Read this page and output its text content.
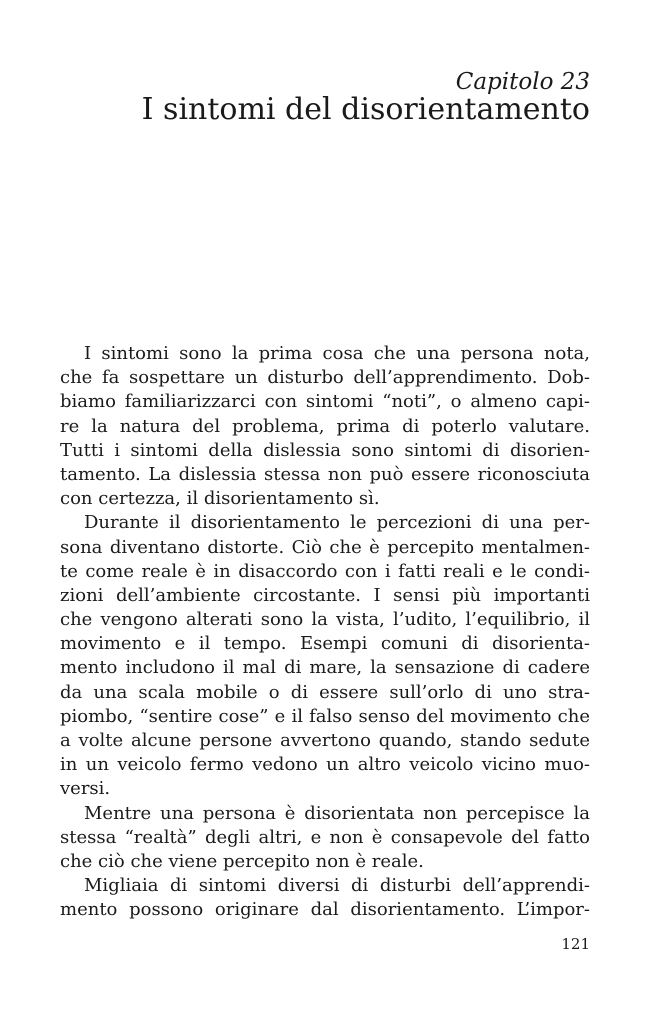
Capitolo 23
I sintomi del disorientamento
I sintomi sono la prima cosa che una persona nota,
che fa sospettare un disturbo dell’apprendimento. Dob-
biamo familiarizzarci con sintomi “noti”, o almeno capi-
re la natura del problema, prima di poterlo valutare.
Tutti i sintomi della dislessia sono sintomi di disorien-
tamento. La dislessia stessa non può essere riconosciuta
con certezza, il disorientamento sì.
Durante il disorientamento le percezioni di una per-
sona diventano distorte. Ciò che è percepito mentalmen-
te come reale è in disaccordo con i fatti reali e le condi-
zioni dell’ambiente circostante. I sensi più importanti
che vengono alterati sono la vista, l’udito, l’equilibrio, il
movimento e il tempo. Esempi comuni di disorienta-
mento includono il mal di mare, la sensazione di cadere
da una scala mobile o di essere sull’orlo di uno stra-
piombo, “sentire cose” e il falso senso del movimento che
a volte alcune persone avvertono quando, stando sedute
in un veicolo fermo vedono un altro veicolo vicino muo-
versi.
Mentre una persona è disorientata non percepisce la
stessa “realtà” degli altri, e non è consapevole del fatto
che ciò che viene percepito non è reale.
Migliaia di sintomi diversi di disturbi dell’apprendi-
mento possono originare dal disorientamento. L’impor-
121
